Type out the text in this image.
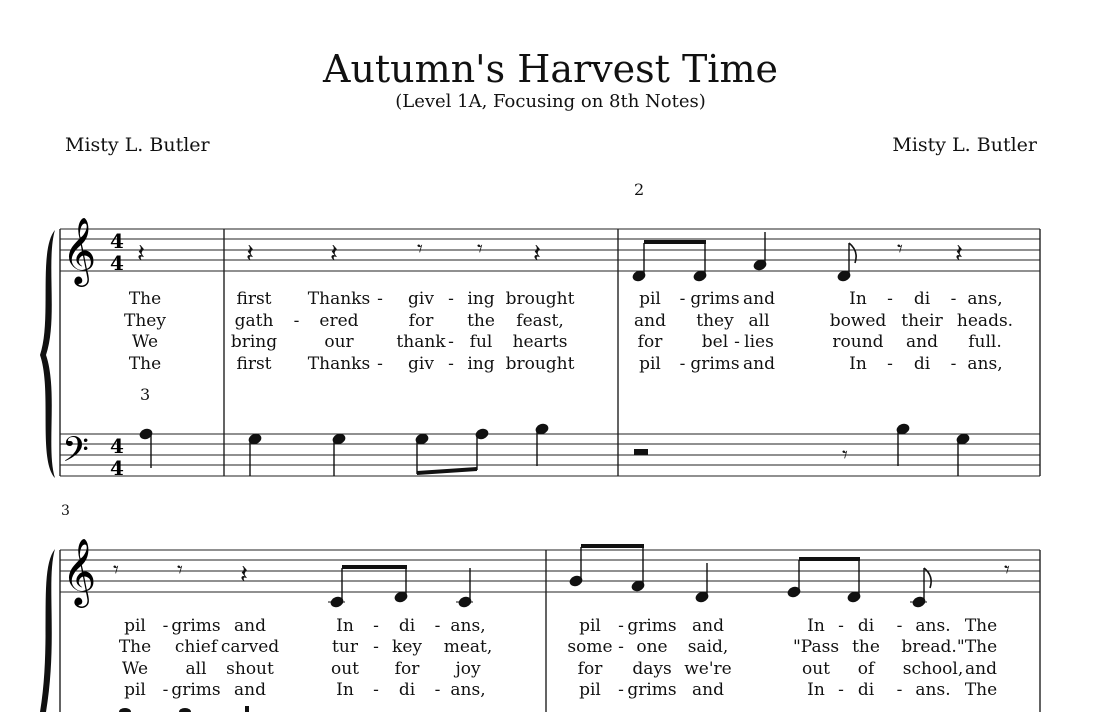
Autumn's Harvest Time
(Level 1A, Focusing on 8th Notes)
Misty L. Butler	Misty L. Butler
2
3
3
𝄞 4
4
𝄢 4
4
𝄽	𝄽	𝄽	𝄽	𝄽
𝄾 𝄾	𝄾
𝄾
𝄞 𝄾	𝄾	𝄾
𝄽
The	first Thanks giv ing brought	pil grims and	In	di ans,
-	-	-	-	-
They	gath	ered	for the feast,	and they all	bowed their heads.
-
We	bring	our	thank ful hearts	for bel lies	round and full.
-	-
The	first Thanks giv ing brought	pil grims and	In	di ans,
-	-	-	-	-
pil grims and	In	di ans,	pil grims and	In di ans. The
-	-	-	-	-	-
The chief carved	tur key meat,	some one said,	"Pass the bread." The
-	-
We all shout	out for joy	for days we're	out of school, and
pil grims and	In	di ans,	pil grims and	In di ans. The
-	-	-	-	-	-
